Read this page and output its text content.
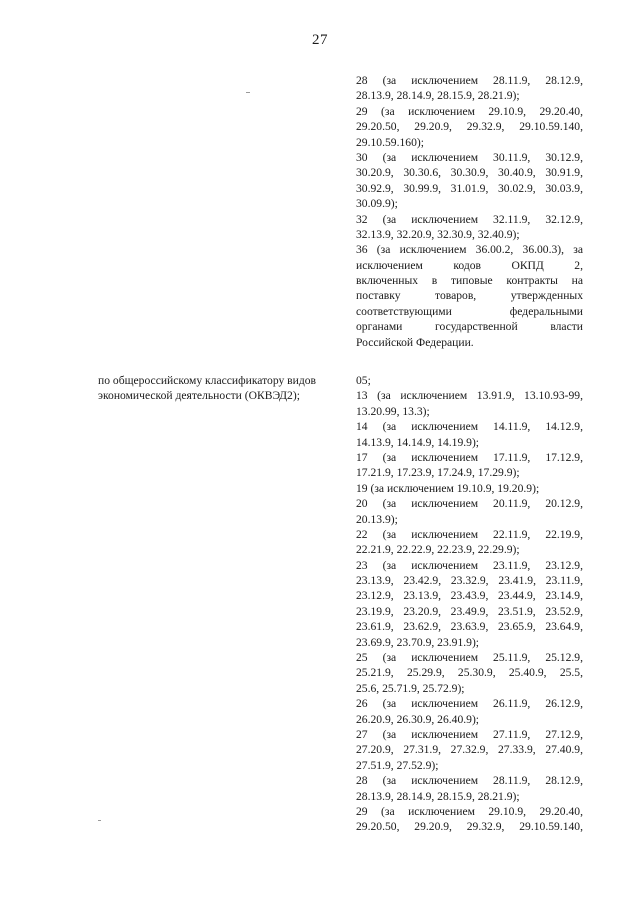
27
28 (за исключением 28.11.9, 28.12.9,
28.13.9, 28.14.9, 28.15.9, 28.21.9);
29 (за исключением 29.10.9, 29.20.40,
29.20.50, 29.20.9, 29.32.9, 29.10.59.140,
29.10.59.160);
30 (за исключением 30.11.9, 30.12.9,
30.20.9, 30.30.6, 30.30.9, 30.40.9, 30.91.9,
30.92.9, 30.99.9, 31.01.9, 30.02.9, 30.03.9,
30.09.9);
32 (за исключением 32.11.9, 32.12.9,
32.13.9, 32.20.9, 32.30.9, 32.40.9);
36 (за исключением 36.00.2, 36.00.3), за
исключением кодов ОКПД 2,
включенных в типовые контракты на
поставку товаров, утвержденных
соответствующими федеральными
органами государственной власти
Российской Федерации.
по общероссийскому классификатору видов
экономической деятельности (ОКВЭД2);
05;
13 (за исключением 13.91.9, 13.10.93-99,
13.20.99, 13.3);
14 (за исключением 14.11.9, 14.12.9,
14.13.9, 14.14.9, 14.19.9);
17 (за исключением 17.11.9, 17.12.9,
17.21.9, 17.23.9, 17.24.9, 17.29.9);
19 (за исключением 19.10.9, 19.20.9);
20 (за исключением 20.11.9, 20.12.9,
20.13.9);
22 (за исключением 22.11.9, 22.19.9,
22.21.9, 22.22.9, 22.23.9, 22.29.9);
23 (за исключением 23.11.9, 23.12.9,
23.13.9, 23.42.9, 23.32.9, 23.41.9, 23.11.9,
23.12.9, 23.13.9, 23.43.9, 23.44.9, 23.14.9,
23.19.9, 23.20.9, 23.49.9, 23.51.9, 23.52.9,
23.61.9, 23.62.9, 23.63.9, 23.65.9, 23.64.9,
23.69.9, 23.70.9, 23.91.9);
25 (за исключением 25.11.9, 25.12.9,
25.21.9, 25.29.9, 25.30.9, 25.40.9, 25.5,
25.6, 25.71.9, 25.72.9);
26 (за исключением 26.11.9, 26.12.9,
26.20.9, 26.30.9, 26.40.9);
27 (за исключением 27.11.9, 27.12.9,
27.20.9, 27.31.9, 27.32.9, 27.33.9, 27.40.9,
27.51.9, 27.52.9);
28 (за исключением 28.11.9, 28.12.9,
28.13.9, 28.14.9, 28.15.9, 28.21.9);
29 (за исключением 29.10.9, 29.20.40,
29.20.50, 29.20.9, 29.32.9, 29.10.59.140,
